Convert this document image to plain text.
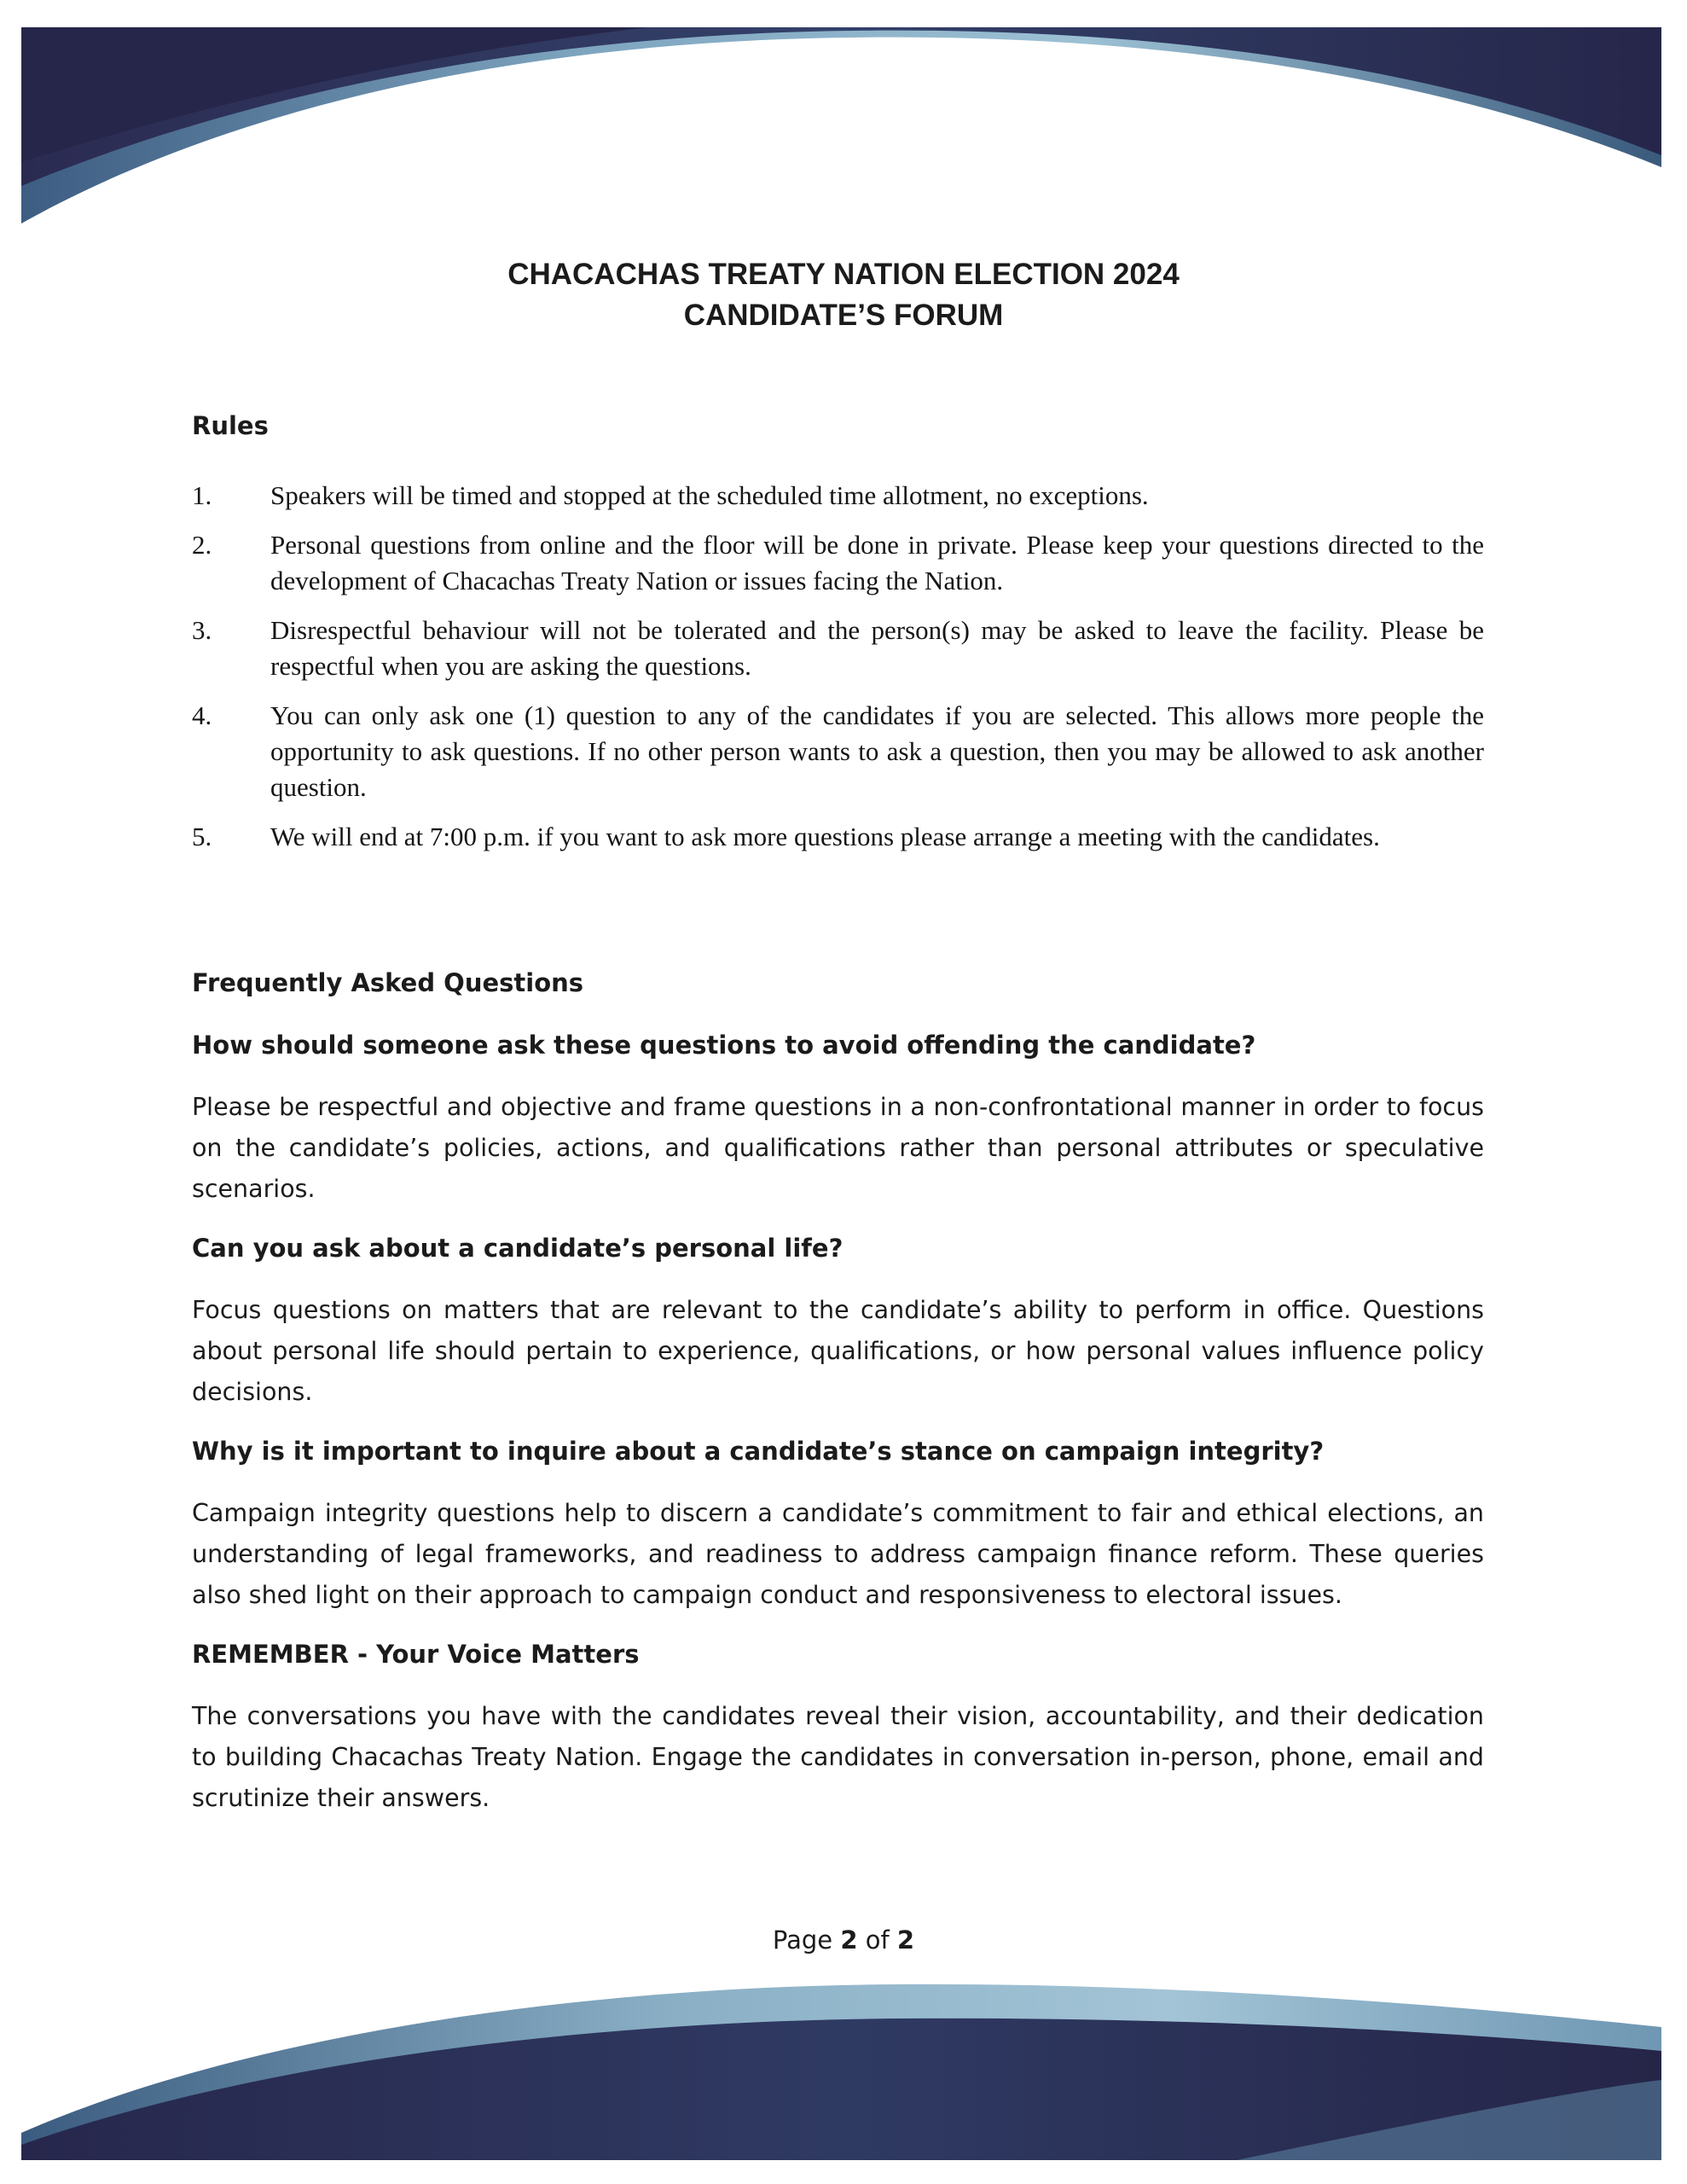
CHACACHAS TREATY NATION ELECTION 2024
CANDIDATE’S FORUM
Rules
1.	Speakers will be timed and stopped at the scheduled time allotment, no exceptions.
2.	Personal questions from online and the floor will be done in private. Please keep your questions directed to the development of Chacachas Treaty Nation or issues facing the Nation.
3.	Disrespectful behaviour will not be tolerated and the person(s) may be asked to leave the facility. Please be respectful when you are asking the questions.
4.	You can only ask one (1) question to any of the candidates if you are selected. This allows more people the opportunity to ask questions. If no other person wants to ask a question, then you may be allowed to ask another question.
5.	We will end at 7:00 p.m. if you want to ask more questions please arrange a meeting with the candidates.
Frequently Asked Questions
How should someone ask these questions to avoid offending the candidate?

Please be respectful and objective and frame questions in a non-confrontational manner in order to focus on the candidate’s policies, actions, and qualifications rather than personal attributes or speculative scenarios.

Can you ask about a candidate’s personal life?

Focus questions on matters that are relevant to the candidate’s ability to perform in office. Questions about personal life should pertain to experience, qualifications, or how personal values influence policy decisions.

Why is it important to inquire about a candidate’s stance on campaign integrity?

Campaign integrity questions help to discern a candidate’s commitment to fair and ethical elections, an understanding of legal frameworks, and readiness to address campaign finance reform. These queries also shed light on their approach to campaign conduct and responsiveness to electoral issues.

REMEMBER - Your Voice Matters

The conversations you have with the candidates reveal their vision, accountability, and their dedication to building Chacachas Treaty Nation. Engage the candidates in conversation in-person, phone, email and scrutinize their answers.

Page 2 of 2
